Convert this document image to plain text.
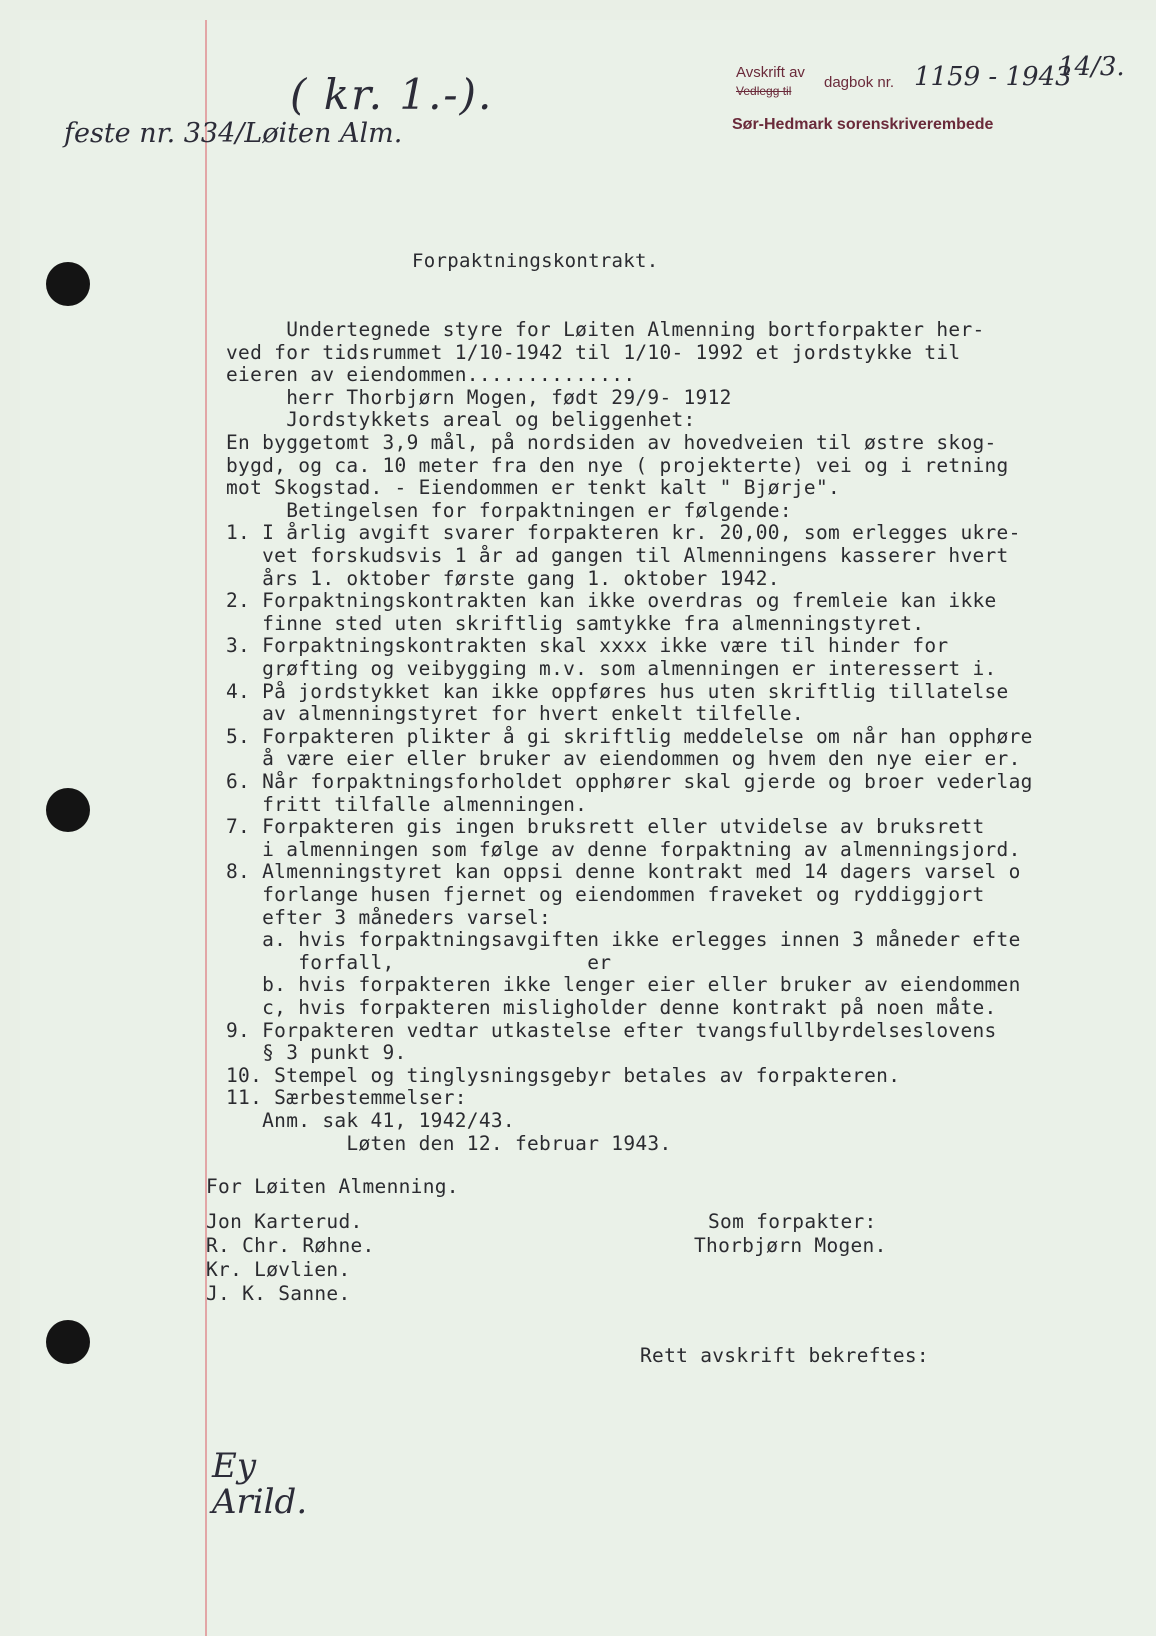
( kr. 1.-).
feste nr. 334/Løiten Alm.
Avskrift av
Vedlegg til dagbok nr. 1159 - 1943
14/3.
Sør-Hedmark sorenskriverembede
Forpaktningskontrakt.
Undertegnede styre for Løiten Almenning bortforpakter her-
ved for tidsrummet 1/10-1942 til 1/10- 1992 et jordstykke til
eieren av eiendommen..............
herr Thorbjørn Mogen, født 29/9- 1912
Jordstykkets areal og beliggenhet:
En byggetomt 3,9 mål, på nordsiden av hovedveien til østre skog-
bygd, og ca. 10 meter fra den nye ( projekterte) vei og i retning
mot Skogstad. - Eiendommen er tenkt kalt " Bjørje".
Betingelsen for forpaktningen er følgende:
1. I årlig avgift svarer forpakteren kr. 20,00, som erlegges ukre-
vet forskudsvis 1 år ad gangen til Almenningens kasserer hvert
års 1. oktober første gang 1. oktober 1942.
2. Forpaktningskontrakten kan ikke overdras og fremleie kan ikke
finne sted uten skriftlig samtykke fra almenningstyret.
3. Forpaktningskontrakten skal xxxx ikke være til hinder for
grøfting og veibygging m.v. som almenningen er interessert i.
4. På jordstykket kan ikke oppføres hus uten skriftlig tillatelse
av almenningstyret for hvert enkelt tilfelle.
5. Forpakteren plikter å gi skriftlig meddelelse om når han opphøre
å være eier eller bruker av eiendommen og hvem den nye eier er.
6. Når forpaktningsforholdet opphører skal gjerde og broer vederlag
fritt tilfalle almenningen.
7. Forpakteren gis ingen bruksrett eller utvidelse av bruksrett
i almenningen som følge av denne forpaktning av almenningsjord.
8. Almenningstyret kan oppsi denne kontrakt med 14 dagers varsel o
forlange husen fjernet og eiendommen fraveket og ryddiggjort
efter 3 måneders varsel:
a. hvis forpaktningsavgiften ikke erlegges innen 3 måneder efte
forfall,                er
b. hvis forpakteren ikke lenger eier eller bruker av eiendommen
c, hvis forpakteren misligholder denne kontrakt på noen måte.
9. Forpakteren vedtar utkastelse efter tvangsfullbyrdelseslovens
§ 3 punkt 9.
10. Stempel og tinglysningsgebyr betales av forpakteren.
11. Særbestemmelser:
Anm. sak 41, 1942/43.
Løten den 12. februar 1943.
For Løiten Almenning.
Jon Karterud.
R. Chr. Røhne.
Kr. Løvlien.
J. K. Sanne.
Som forpakter:
Thorbjørn Mogen.
Rett avskrift bekreftes:
Ey Arild.
